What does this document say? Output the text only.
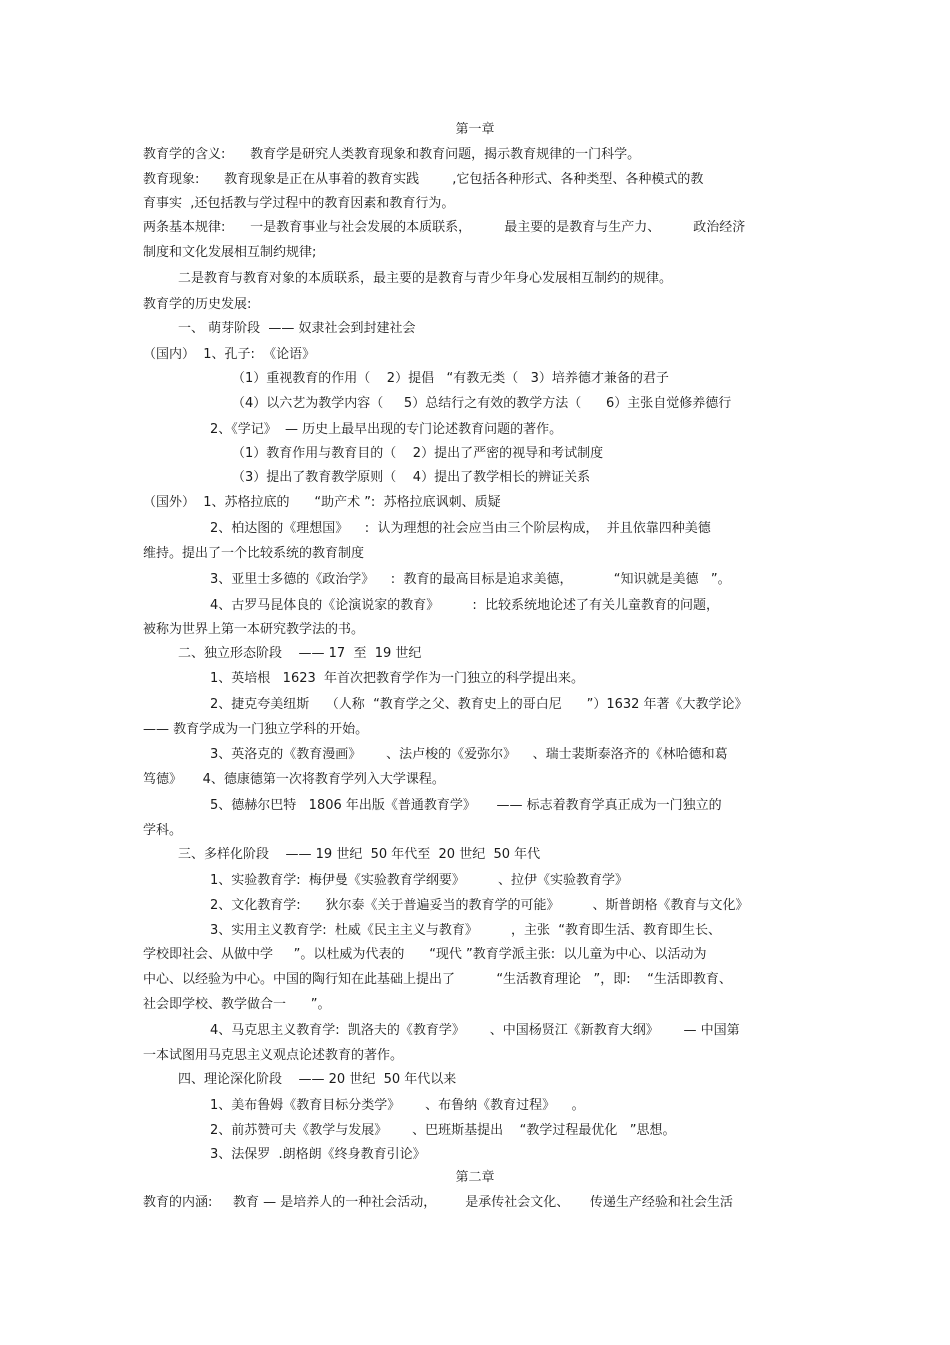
第一章
教育学的含义:      教育学是研究人类教育现象和教育问题，揭示教育规律的一门科学。
教育现象:      教育现象是正在从事着的教育实践        ,它包括各种形式、各种类型、各种模式的教
育事实  ,还包括教与学过程中的教育因素和教育行为。
两条基本规律:      一是教育事业与社会发展的本质联系，        最主要的是教育与生产力、        政治经济
制度和文化发展相互制约规律;
二是教育与教育对象的本质联系，最主要的是教育与青少年身心发展相互制约的规律。
教育学的历史发展:
一、 萌芽阶段  —— 奴隶社会到封建社会
（国内）  1、孔子:  《论语》
（1）重视教育的作用（    2）提倡   “有教无类（   3）培养德才兼备的君子
（4）以六艺为教学内容（     5）总结行之有效的教学方法（      6）主张自觉修养德行
2、《学记》  — 历史上最早出现的专门论述教育问题的著作。
（1）教育作用与教育目的（    2）提出了严密的视导和考试制度
（3）提出了教育教学原则（    4）提出了教学相长的辨证关系
（国外）  1、苏格拉底的      “助产术 ”:  苏格拉底讽刺、质疑
2、柏达图的《理想国》    :  认为理想的社会应当由三个阶层构成，  并且依靠四种美德
维持。提出了一个比较系统的教育制度
3、亚里士多德的《政治学》    :  教育的最高目标是追求美德，          “知识就是美德   ”。
4、古罗马昆体良的《论演说家的教育》        :  比较系统地论述了有关儿童教育的问题，
被称为世界上第一本研究教学法的书。
二、独立形态阶段    —— 17  至  19 世纪
1、英培根   1623  年首次把教育学作为一门独立的科学提出来。
2、捷克夸美纽斯    （人称  “教育学之父、教育史上的哥白尼      ”）1632 年著《大教学论》
—— 教育学成为一门独立学科的开始。
3、英洛克的《教育漫画》      、法卢梭的《爱弥尔》    、瑞士裴斯泰洛齐的《林哈德和葛
笃德》     4、德康德第一次将教育学列入大学课程。
5、德赫尔巴特   1806 年出版《普通教育学》     —— 标志着教育学真正成为一门独立的
学科。
三、多样化阶段    —— 19 世纪  50 年代至  20 世纪  50 年代
1、实验教育学:  梅伊曼《实验教育学纲要》        、拉伊《实验教育学》
2、文化教育学:      狄尔泰《关于普遍妥当的教育学的可能》        、斯普朗格《教育与文化》
3、实用主义教育学:  杜威《民主主义与教育》        ，主张  “教育即生活、教育即生长、
学校即社会、从做中学     ”。以杜威为代表的      “现代 ”教育学派主张:  以儿童为中心、以活动为
中心、以经验为中心。中国的陶行知在此基础上提出了          “生活教育理论   ”，即:    “生活即教育、
社会即学校、教学做合一      ”。
4、马克思主义教育学:  凯洛夫的《教育学》      、中国杨贤江《新教育大纲》      — 中国第
一本试图用马克思主义观点论述教育的著作。
四、理论深化阶段    —— 20 世纪  50 年代以来
1、美布鲁姆《教育目标分类学》      、布鲁纳《教育过程》    。
2、前苏赞可夫《教学与发展》      、巴班斯基提出    “教学过程最优化   ”思想。
3、法保罗  .朗格朗《终身教育引论》
第二章
教育的内涵:     教育 — 是培养人的一种社会活动，       是承传社会文化、     传递生产经验和社会生活
